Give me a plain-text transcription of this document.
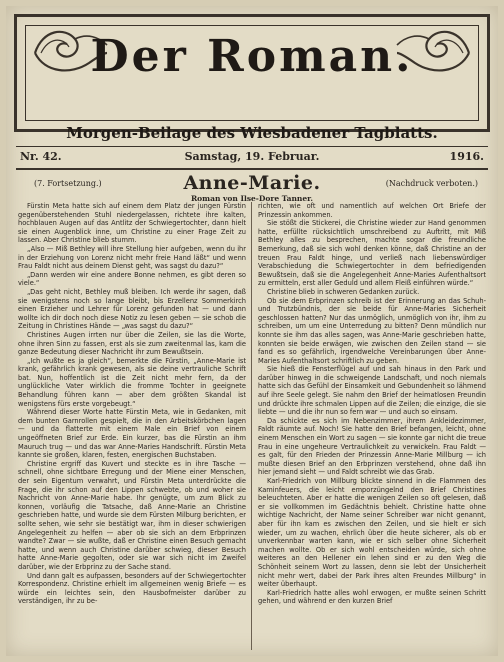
Der Roman.
Morgen-Beilage des Wiesbadener Tagblatts.
Nr. 42.	Samstag, 19. Februar.	1916.
(7. Fortsetzung.)	Anne-Marie.	(Nachdruck verboten.)
Roman von Ilse-Dore Tanner.

Fürstin Meta hatte sich auf einem dem Platz der jungen Fürstin gegenüberstehenden Stuhl niedergelassen, richtete ihre kalten, hochblauen Augen auf das Antlitz der Schwiegertochter, dann hielt sie einen Augenblick inne, um Christine zu einer Frage Zeit zu lassen. Aber Christine blieb stumm.

„Also — Miß Bethley will ihre Stellung hier aufgeben, wenn du ihr in der Erziehung von Lorenz nicht mehr freie Hand läßt“ und wenn Frau Faldt nicht aus deinem Dienst geht, was sagst du dazu?“

„Dann werden wir eine andere Bonne nehmen, es gibt deren so viele.“

„Das geht nicht, Bethley muß bleiben. Ich werde ihr sagen, daß sie wenigstens noch so lange bleibt, bis Erzellenz Sommerkirch einen Erzieher und Lehrer für Lorenz gefunden hat — und dann wollte ich dir doch noch diese Notiz zu lesen geben — sie schob die Zeitung in Christines Hände — „was sagst du dazu?“

Christines Augen irrten nur über die Zeilen, sie las die Worte, ohne ihren Sinn zu fassen, erst als sie zum zweitenmal las, kam die ganze Bedeutung dieser Nachricht ihr zum Bewußtsein.

„Ich wußte es ja gleich“, bemerkte die Fürstin, „Anne-Marie ist krank, gefährlich krank gewesen, als sie deine vertrauliche Schrift bat. Nun, hoffentlich ist die Zeit nicht mehr fern, da der unglückliche Vater wirklich die fromme Tochter in geeignete Behandlung führen kann — aber dem größten Skandal ist wenigstens fürs erste vorgebeugt.“

Während dieser Worte hatte Fürstin Meta, wie in Gedanken, mit dem bunten Garnrollen gespielt, die in den Arbeitskörbchen lagen — und da flatterte mit einem Male ein Brief von einem ungeöffneten Brief zur Erde. Ein kurzer, bas die Fürstin an ihm Mauruch trug — und das war Anne-Maries Handschrift. Fürstin Meta kannte sie großen, klaren, festen, energischen Buchstaben.

Christine ergriff das Kuvert und steckte es in ihre Tasche — schnell, ohne sichtbare Erregung und der Miene einer Menschen, der sein Eigentum verwahrt, und Fürstin Meta unterdrückte die Frage, die ihr schon auf den Lippen schwebte, ob und woher sie Nachricht von Anne-Marie habe. Ihr genügte, um zum Blick zu konnen, vorläufig die Tatsache, daß Anne-Marie an Christine geschrieben hatte, und wurde sie dem Fürsten Milburg berichten, er sollte sehen, wie sehr sie bestätigt war, ihm in dieser schwierigen Angelegenheit zu helfen — aber ob sie sich an dem Erbprinzen wandte? Zwar — sie wußte, daß er Christine einen Besuch gemacht hatte, und wenn auch Christine darüber schwieg, dieser Besuch hatte Anne-Marie gegolten, oder sie war sich nicht im Zweifel darüber, wie der Erbprinz zu der Sache stand.

Und dann galt es aufpassen, besonders auf der Schwiegertochter Korrespondenz. Christine erhielt im allgemeinen wenig Briefe — es würde ein leichtes sein, den Hausbofmeister darüber zu verständigen, ihr zu be-

richten, wie oft und namentlich auf welchen Ort Briefe der Prinzessin ankommen.

Sie stößt die Stickerei, die Christine wieder zur Hand genommen hatte, erfüllte rücksichtlich umschreibend zu Auftritt, mit Miß Bethley alles zu besprechen, machte sogar die freundliche Bemerkung, daß sie sich wohl denken könne, daß Christine an der treuen Frau Faldt hinge, und verließ nach liebenswürdiger Verabschiedung die Schwiegertochter in dem befriedigenden Bewußtsein, daß sie die Angelegenheit Anne-Maries Aufenthaltsort zu ermitteln, erst aller Geduld und allem Fleiß einführen würde.“

Christine blieb in schweren Gedanken zurück.

Ob sie dem Erbprinzen schreib ist der Erinnerung an das Schuh- und Trutzbündnis, der sie beide für Anne-Maries Sicherheit geschlossen hatten? Nur das unmöglich, unmöglich von ihr, ihm zu schreiben, um um eine Unterredung zu bitten? Denn mündlich nur konnte sie ihm das alles sagen, was Anne-Marie geschrieben hatte, konnten sie beide erwägen, wie zwischen den Zeilen stand — sie fand es so gefährlich, irgendwelche Vereinbarungen über Anne-Maries Aufenthaltsort schriftlich zu geben.

Sie hieß die Fensterflügel auf und sah hinaus in den Park und darüber hinweg in die schweigende Landschaft, und noch niemals hatte sich das Gefühl der Einsamkeit und Gebundenheit so lähmend auf ihre Seele gelegt. Sie nahm den Brief der heimatlosen Freundin und drückte ihre schmalen Lippen auf die Zeilen; die einzige, die sie liebte — und die ihr nun so fern war — und auch so einsam.

Da schickte es sich im Nebenzimmer, ihrem Ankleidezimmer, Faldt räumte auf. Noch! Sie hatte den Brief befangen, leicht, ohne einem Menschen ein Wort zu sagen — sie konnte gar nicht die treue Frau in eine ungeheure Vertraulichkeit zu verwickeln. Frau Faldt — es galt, für den Frieden der Prinzessin Anne-Marie Millburg — ich mußte diesen Brief an den Erbprinzen verstehend, ohne daß ihn hier jemand sieht — und Faldt schreibt wie das Grab.

Karl-Friedrich von Millburg blickte sinnend in die Flammen des Kaminfeuers, die leicht emporzüngelnd den Brief Christines beleuchteten. Aber er hatte die wenigen Zeilen so oft gelesen, daß er sie vollkommen im Gedächtnis behielt. Christine hatte ohne wichtige Nachricht, der Name seiner Schreiber war nicht genannt, aber für ihn kam es zwischen den Zeilen, und sie hielt er sich wieder, um zu wachen, ehrlich über die heute sicherer, als ob er unverkennbar warten kann, wie er sich selber ohne Sicherheit machen wollte. Ob er sich wohl entscheiden würde, sich ohne weiteres an den Hellener ein lehen sind er zu den Weg die Schönheit seinem Wort zu lassen, denn sie lebt der Unsicherheit nicht mehr wert, dabei der Park ihres alten Freundes Millburg“ in weiter überhaupt.

Karl-Friedrich hatte alles wohl erwogen, er mußte seinen Schritt gehen, und während er den kurzen Brief
